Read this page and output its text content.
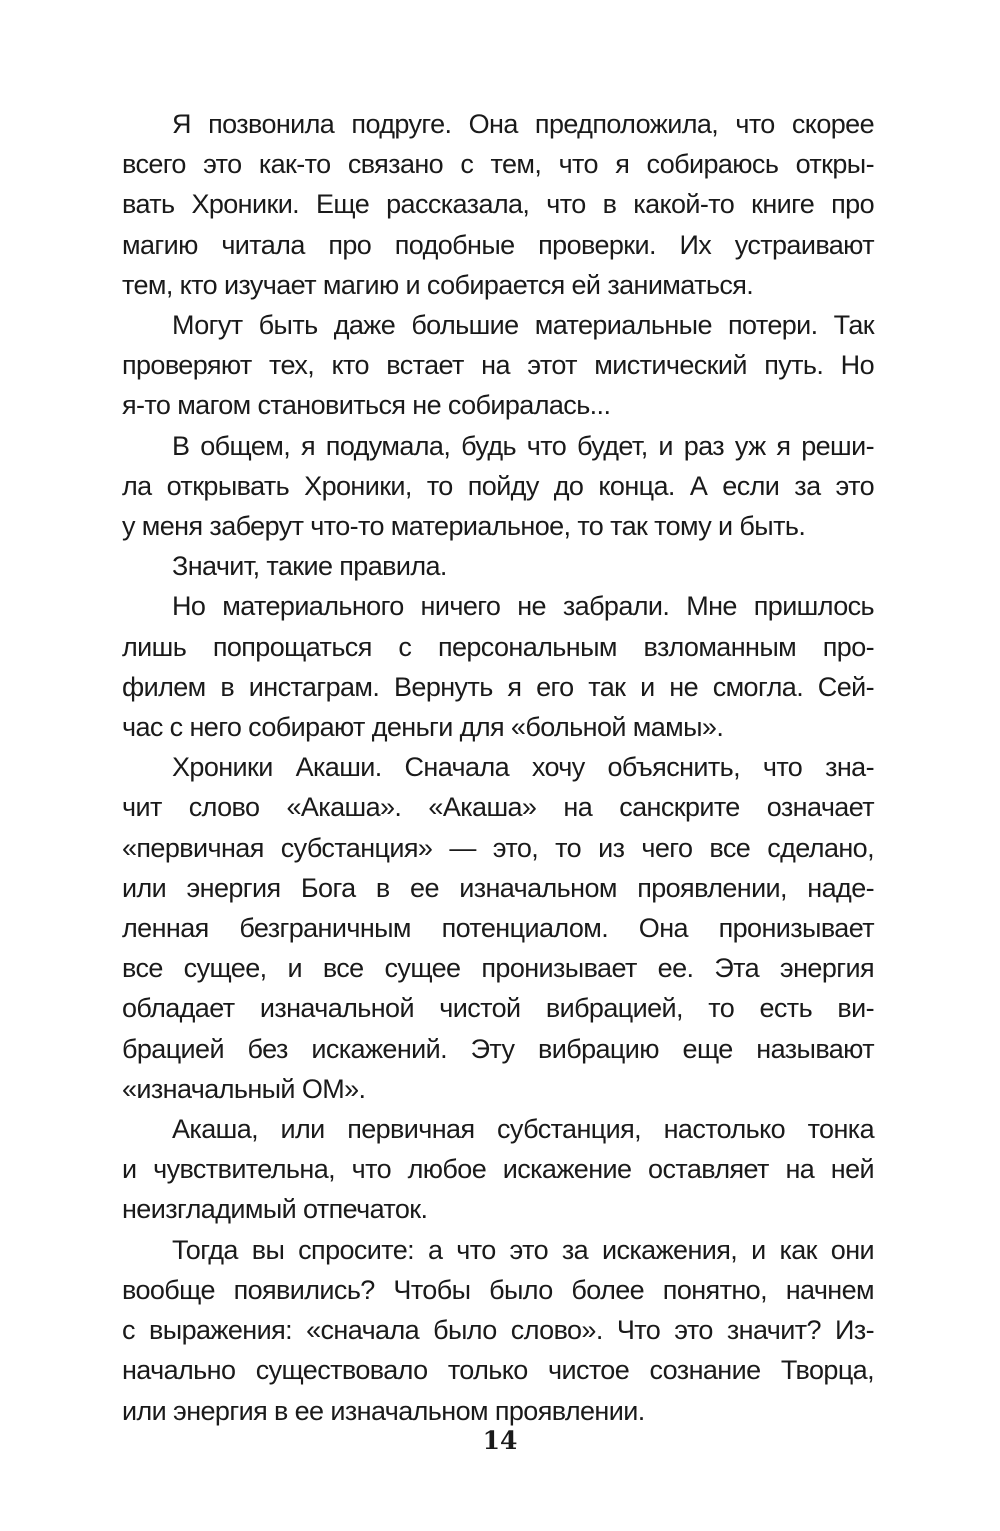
Я позвонила подруге. Она предположила, что скорее
всего это как-то связано с тем, что я собираюсь откры-
вать Хроники. Еще рассказала, что в какой-то книге про
магию читала про подобные проверки. Их устраивают
тем, кто изучает магию и собирается ей заниматься.
Могут быть даже большие материальные потери. Так
проверяют тех, кто встает на этот мистический путь. Но
я-то магом становиться не собиралась...
В общем, я подумала, будь что будет, и раз уж я реши-
ла открывать Хроники, то пойду до конца. А если за это
у меня заберут что-то материальное, то так тому и быть.
Значит, такие правила.
Но материального ничего не забрали. Мне пришлось
лишь попрощаться с персональным взломанным про-
филем в инстаграм. Вернуть я его так и не смогла. Сей-
час с него собирают деньги для «больной мамы».
Хроники Акаши. Сначала хочу объяснить, что зна-
чит слово «Акаша». «Акаша» на санскрите означает
«первичная субстанция» — это, то из чего все сделано,
или энергия Бога в ее изначальном проявлении, наде-
ленная безграничным потенциалом. Она пронизывает
все сущее, и все сущее пронизывает ее. Эта энергия
обладает изначальной чистой вибрацией, то есть ви-
брацией без искажений. Эту вибрацию еще называют
«изначальный ОМ».
Акаша, или первичная субстанция, настолько тонка
и чувствительна, что любое искажение оставляет на ней
неизгладимый отпечаток.
Тогда вы спросите: а что это за искажения, и как они
вообще появились? Чтобы было более понятно, начнем
с выражения: «сначала было слово». Что это значит? Из-
начально существовало только чистое сознание Творца,
или энергия в ее изначальном проявлении.
14
